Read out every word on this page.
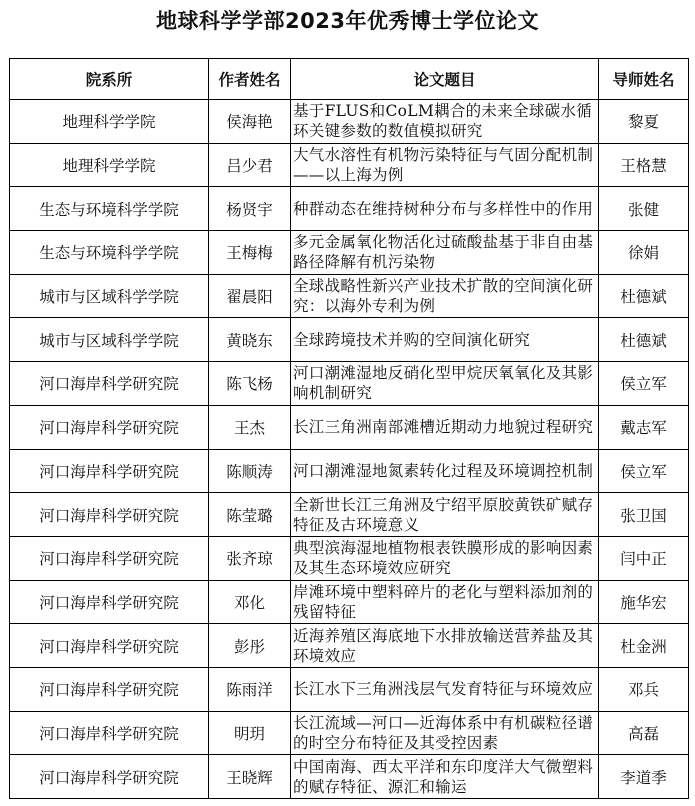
地球科学学部2023年优秀博士学位论文
院系所	作者姓名	论文题目	导师姓名
地理科学学院	侯海艳	基于FLUS和CoLM耦合的未来全球碳水循环关键参数的数值模拟研究	黎夏
地理科学学院	吕少君	大气水溶性有机物污染特征与气固分配机制——以上海为例	王格慧
生态与环境科学学院	杨贤宇	种群动态在维持树种分布与多样性中的作用	张健
生态与环境科学学院	王梅梅	多元金属氧化物活化过硫酸盐基于非自由基路径降解有机污染物	徐娟
城市与区域科学学院	翟晨阳	全球战略性新兴产业技术扩散的空间演化研究：以海外专利为例	杜德斌
城市与区域科学学院	黄晓东	全球跨境技术并购的空间演化研究	杜德斌
河口海岸科学研究院	陈飞杨	河口潮滩湿地反硝化型甲烷厌氧氧化及其影响机制研究	侯立军
河口海岸科学研究院	王杰	长江三角洲南部滩槽近期动力地貌过程研究	戴志军
河口海岸科学研究院	陈顺涛	河口潮滩湿地氮素转化过程及环境调控机制	侯立军
河口海岸科学研究院	陈莹璐	全新世长江三角洲及宁绍平原胶黄铁矿赋存特征及古环境意义	张卫国
河口海岸科学研究院	张齐琼	典型滨海湿地植物根表铁膜形成的影响因素及其生态环境效应研究	闫中正
河口海岸科学研究院	邓化	岸滩环境中塑料碎片的老化与塑料添加剂的残留特征	施华宏
河口海岸科学研究院	彭彤	近海养殖区海底地下水排放输送营养盐及其环境效应	杜金洲
河口海岸科学研究院	陈雨洋	长江水下三角洲浅层气发育特征与环境效应	邓兵
河口海岸科学研究院	明玥	长江流域—河口—近海体系中有机碳粒径谱的时空分布特征及其受控因素	高磊
河口海岸科学研究院	王晓辉	中国南海、西太平洋和东印度洋大气微塑料的赋存特征、源汇和输运	李道季
